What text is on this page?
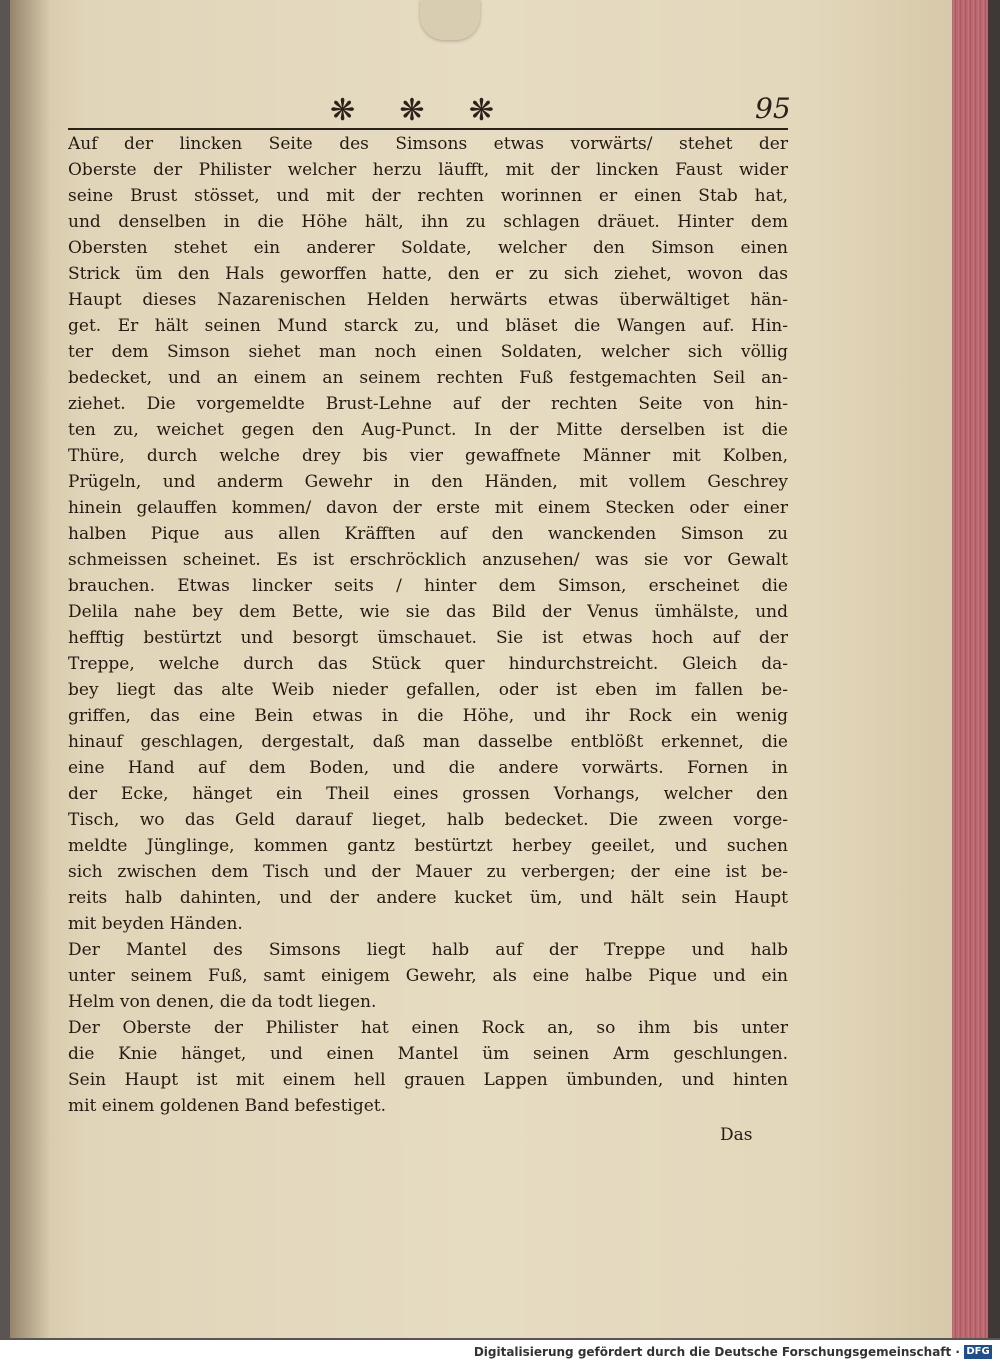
❋ ❋ ❋	95
Auf der lincken Seite des Simsons etwas vorwärts/ stehet der
Oberste der Philister welcher herzu läufft, mit der lincken Faust wider
seine Brust stösset, und mit der rechten worinnen er einen Stab hat,
und denselben in die Höhe hält, ihn zu schlagen dräuet. Hinter dem
Obersten stehet ein anderer Soldate, welcher den Simson einen
Strick üm den Hals geworffen hatte, den er zu sich ziehet, wovon das
Haupt dieses Nazarenischen Helden herwärts etwas überwältiget hän-
get. Er hält seinen Mund starck zu, und bläset die Wangen auf. Hin-
ter dem Simson siehet man noch einen Soldaten, welcher sich völlig
bedecket, und an einem an seinem rechten Fuß festgemachten Seil an-
ziehet. Die vorgemeldte Brust-Lehne auf der rechten Seite von hin-
ten zu, weichet gegen den Aug-Punct. In der Mitte derselben ist die
Thüre, durch welche drey bis vier gewaffnete Männer mit Kolben,
Prügeln, und anderm Gewehr in den Händen, mit vollem Geschrey
hinein gelauffen kommen/ davon der erste mit einem Stecken oder einer
halben Pique aus allen Kräfften auf den wanckenden Simson zu
schmeissen scheinet. Es ist erschröcklich anzusehen/ was sie vor Gewalt
brauchen. Etwas lincker seits / hinter dem Simson, erscheinet die
Delila nahe bey dem Bette, wie sie das Bild der Venus ümhälste, und
hefftig bestürtzt und besorgt ümschauet. Sie ist etwas hoch auf der
Treppe, welche durch das Stück quer hindurchstreicht. Gleich da-
bey liegt das alte Weib nieder gefallen, oder ist eben im fallen be-
griffen, das eine Bein etwas in die Höhe, und ihr Rock ein wenig
hinauf geschlagen, dergestalt, daß man dasselbe entblößt erkennet, die
eine Hand auf dem Boden, und die andere vorwärts. Fornen in
der Ecke, hänget ein Theil eines grossen Vorhangs, welcher den
Tisch, wo das Geld darauf lieget, halb bedecket. Die zween vorge-
meldte Jünglinge, kommen gantz bestürtzt herbey geeilet, und suchen
sich zwischen dem Tisch und der Mauer zu verbergen; der eine ist be-
reits halb dahinten, und der andere kucket üm, und hält sein Haupt
mit beyden Händen.
Der Mantel des Simsons liegt halb auf der Treppe und halb
unter seinem Fuß, samt einigem Gewehr, als eine halbe Pique und ein
Helm von denen, die da todt liegen.
Der Oberste der Philister hat einen Rock an, so ihm bis unter
die Knie hänget, und einen Mantel üm seinen Arm geschlungen.
Sein Haupt ist mit einem hell grauen Lappen ümbunden, und hinten
mit einem goldenen Band befestiget.
Das
Digitalisierung gefördert durch die Deutsche Forschungsgemeinschaft · DFG
